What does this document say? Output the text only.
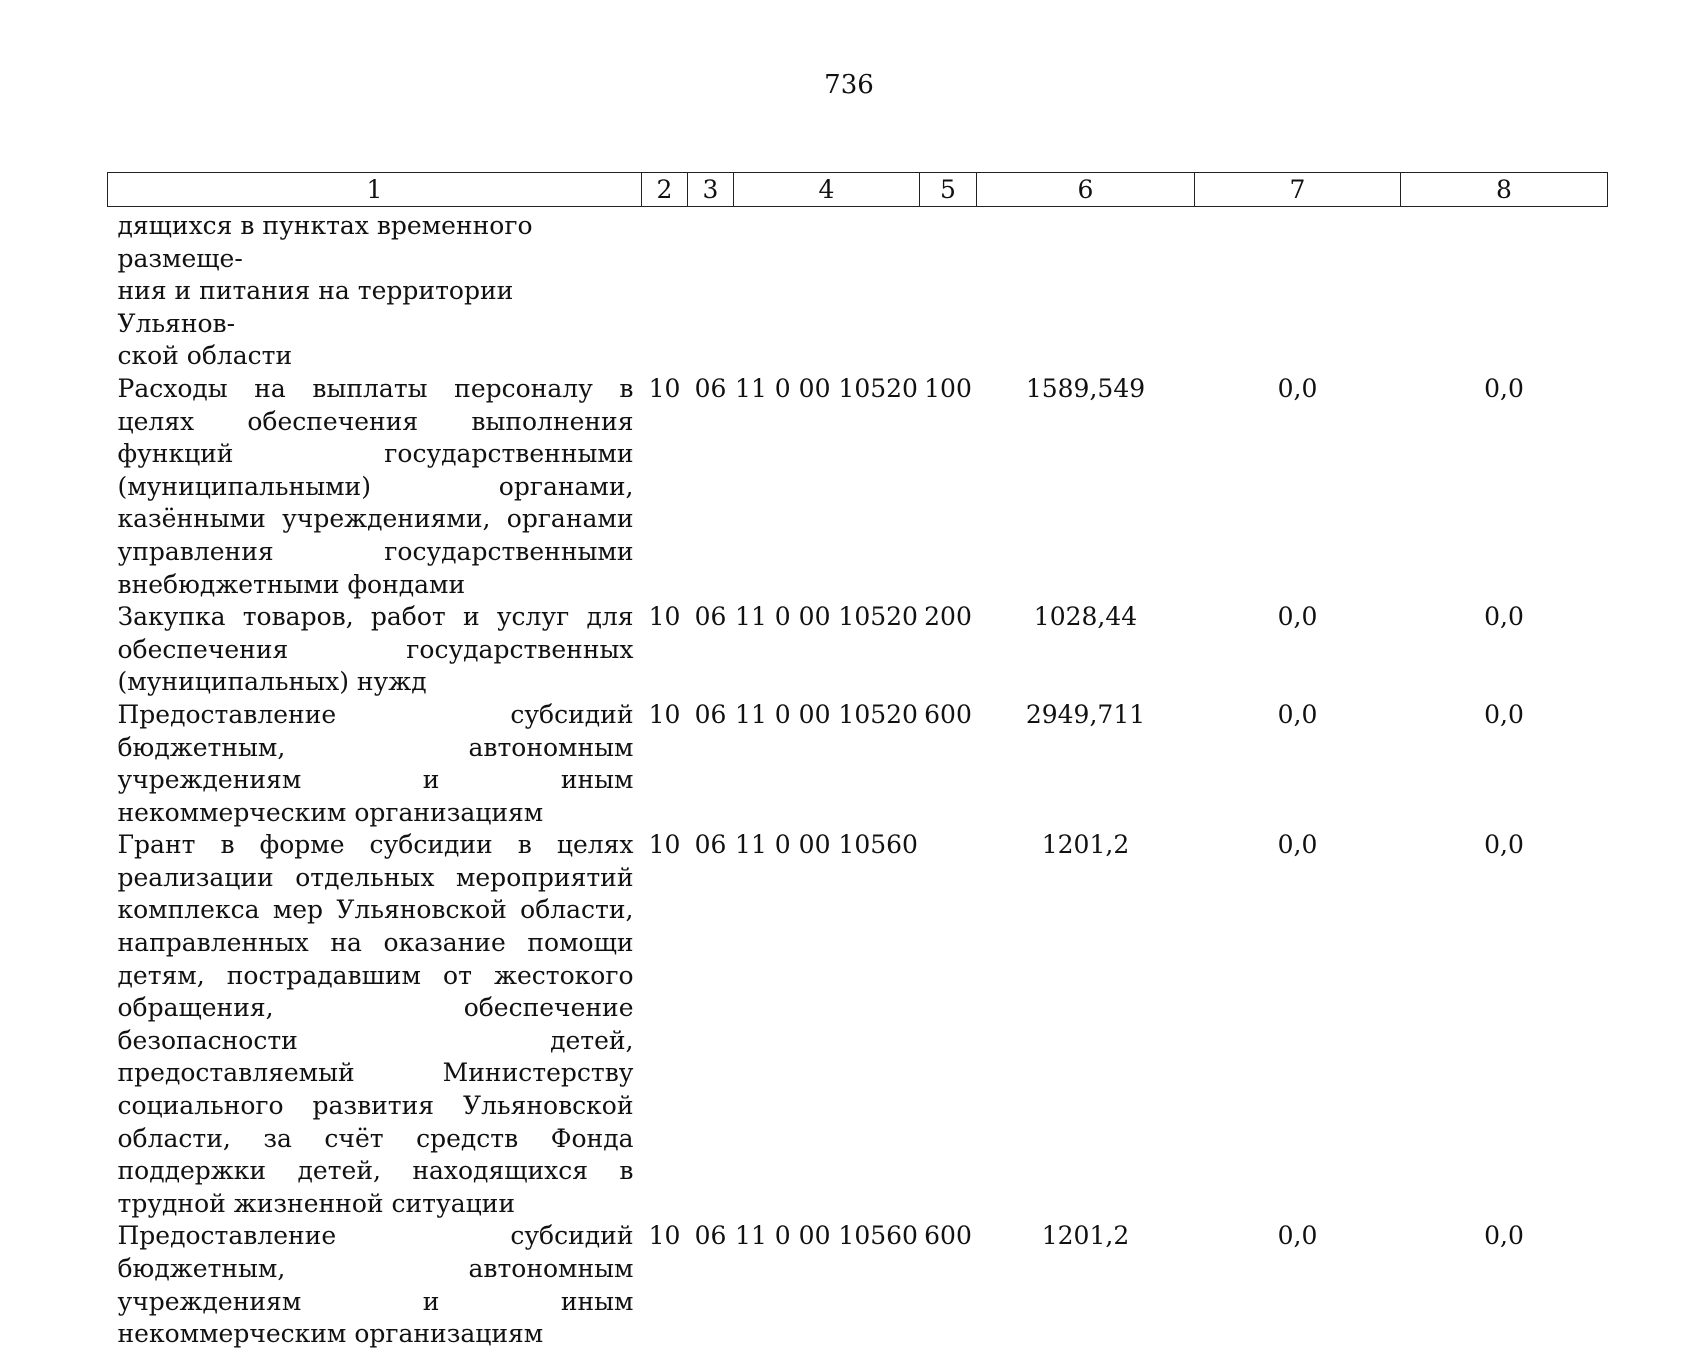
736
1	2	3	4	5	6	7	8
дящихся в пунктах временного размеще-
ния и питания на территории Ульянов-
ской области							
Расходы на выплаты персоналу в целях обеспечения выполнения функций государственными (муниципальными) органами, казёнными учреждениями, органами управления государственными внебюджетными фондами	10	06	11 0 00 10520	100	1589,549	0,0	0,0
Закупка товаров, работ и услуг для обеспечения государственных (муниципальных) нужд	10	06	11 0 00 10520	200	1028,44	0,0	0,0
Предоставление субсидий бюджетным, автономным учреждениям и иным некоммерческим организациям	10	06	11 0 00 10520	600	2949,711	0,0	0,0
Грант в форме субсидии в целях реализации отдельных мероприятий комплекса мер Ульяновской области, направленных на оказание помощи детям, пострадавшим от жестокого обращения, обеспечение безопасности детей, предоставляемый Министерству социального развития Ульяновской области, за счёт средств Фонда поддержки детей, находящихся в трудной жизненной ситуации	10	06	11 0 00 10560		1201,2	0,0	0,0
Предоставление субсидий бюджетным, автономным учреждениям и иным некоммерческим организациям	10	06	11 0 00 10560	600	1201,2	0,0	0,0
